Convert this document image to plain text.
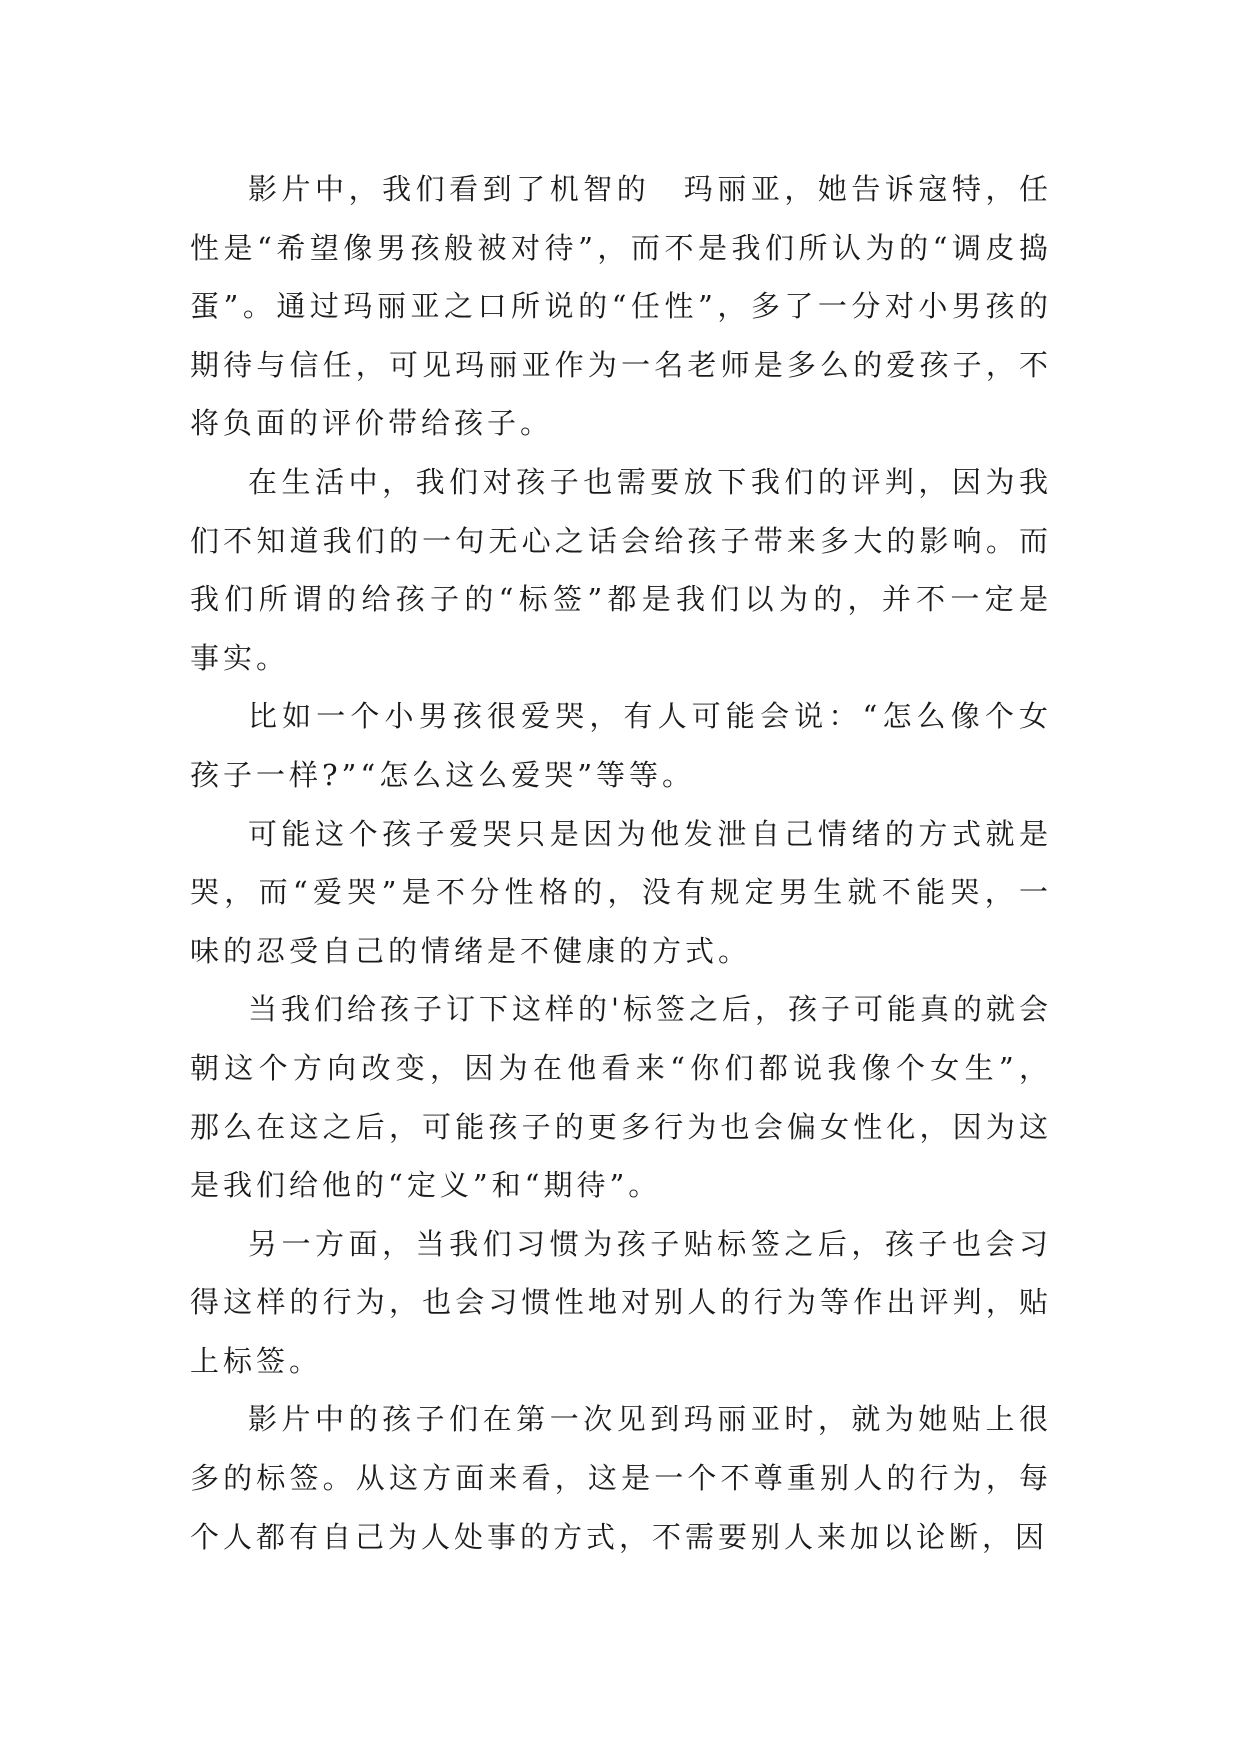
影片中，我们看到了机智的　玛丽亚，她告诉寇特，任性是“希望像男孩般被对待”，而不是我们所认为的“调皮捣蛋”。通过玛丽亚之口所说的“任性”，多了一分对小男孩的期待与信任，可见玛丽亚作为一名老师是多么的爱孩子，不将负面的评价带给孩子。

在生活中，我们对孩子也需要放下我们的评判，因为我们不知道我们的一句无心之话会给孩子带来多大的影响。而我们所谓的给孩子的“标签”都是我们以为的，并不一定是事实。

比如一个小男孩很爱哭，有人可能会说：“怎么像个女孩子一样?”“怎么这么爱哭”等等。

可能这个孩子爱哭只是因为他发泄自己情绪的方式就是哭，而“爱哭”是不分性格的，没有规定男生就不能哭，一味的忍受自己的情绪是不健康的方式。

当我们给孩子订下这样的'标签之后，孩子可能真的就会朝这个方向改变，因为在他看来“你们都说我像个女生”，那么在这之后，可能孩子的更多行为也会偏女性化，因为这是我们给他的“定义”和“期待”。

另一方面，当我们习惯为孩子贴标签之后，孩子也会习得这样的行为，也会习惯性地对别人的行为等作出评判，贴上标签。

影片中的孩子们在第一次见到玛丽亚时，就为她贴上很多的标签。从这方面来看，这是一个不尊重别人的行为，每个人都有自己为人处事的方式，不需要别人来加以论断，因
